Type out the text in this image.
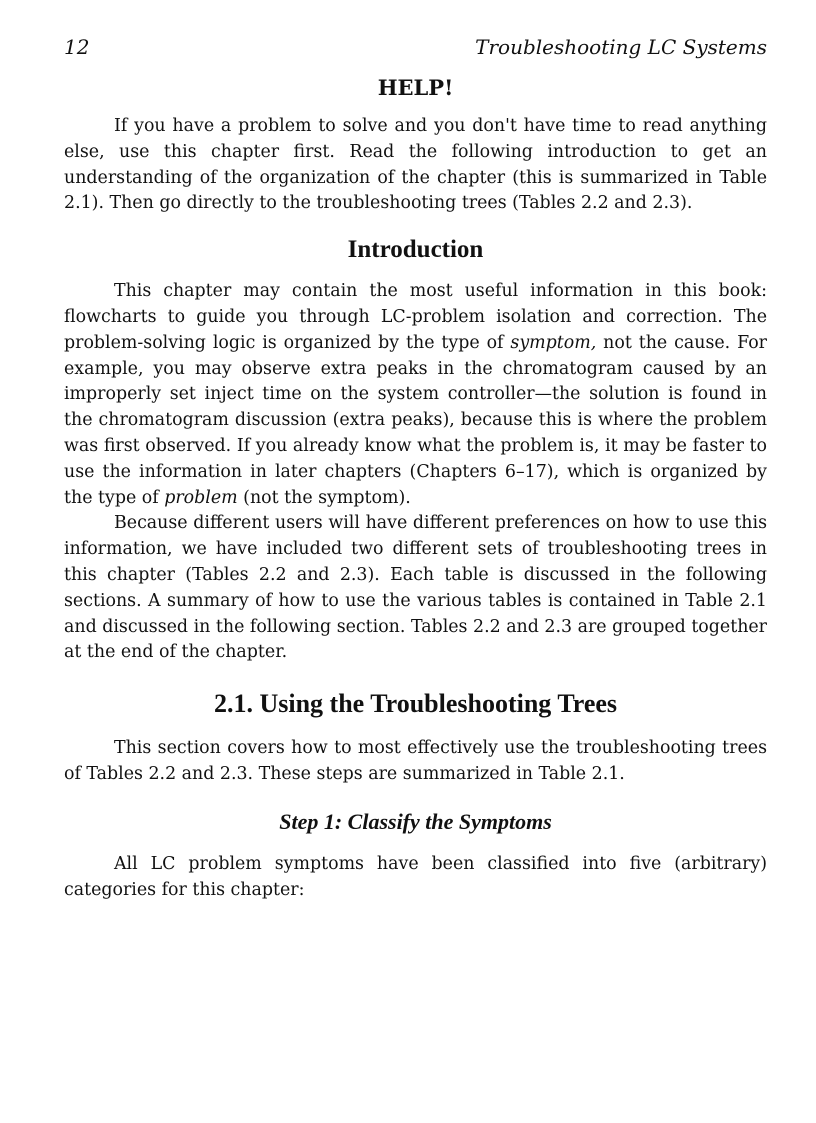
12	Troubleshooting LC Systems
HELP!

If you have a problem to solve and you don't have time to read anything else, use this chapter first. Read the following introduction to get an understanding of the organization of the chapter (this is summarized in Table 2.1). Then go directly to the troubleshooting trees (Tables 2.2 and 2.3).

Introduction

This chapter may contain the most useful information in this book: flowcharts to guide you through LC-problem isolation and correction. The problem-solving logic is organized by the type of symptom, not the cause. For example, you may observe extra peaks in the chromatogram caused by an improperly set inject time on the system controller—the solution is found in the chromatogram discussion (extra peaks), because this is where the problem was first observed. If you already know what the problem is, it may be faster to use the information in later chapters (Chapters 6–17), which is organized by the type of problem (not the symptom).

Because different users will have different preferences on how to use this information, we have included two different sets of troubleshooting trees in this chapter (Tables 2.2 and 2.3). Each table is discussed in the following sections. A summary of how to use the various tables is contained in Table 2.1 and discussed in the following section. Tables 2.2 and 2.3 are grouped together at the end of the chapter.

2.1. Using the Troubleshooting Trees

This section covers how to most effectively use the troubleshooting trees of Tables 2.2 and 2.3. These steps are summarized in Table 2.1.

Step 1: Classify the Symptoms

All LC problem symptoms have been classified into five (arbitrary) categories for this chapter:
